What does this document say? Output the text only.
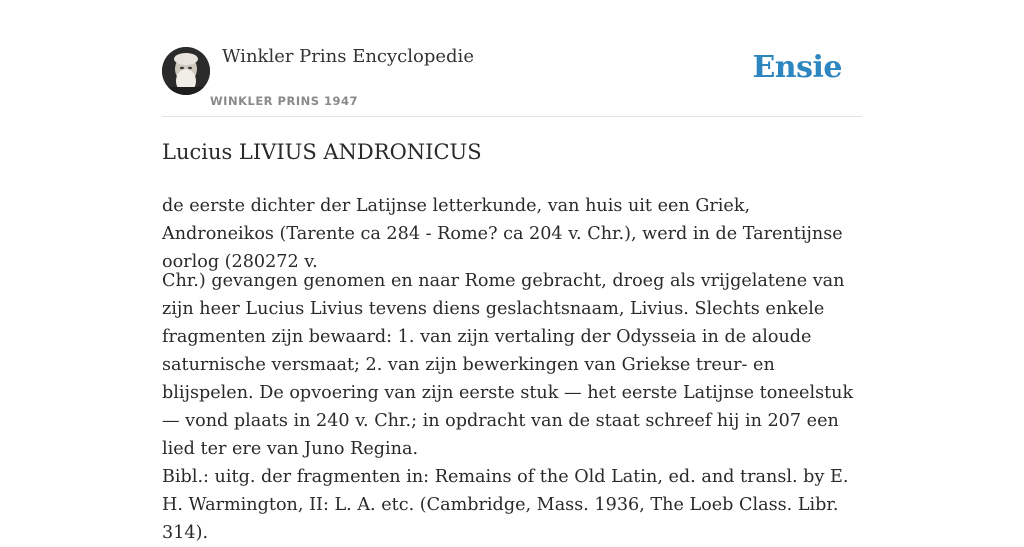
Winkler Prins Encyclopedie
WINKLER PRINS 1947
Ensie
Lucius LIVIUS ANDRONICUS

de eerste dichter der Latijnse letterkunde, van huis uit een Griek, Androneikos (Tarente ca 284 - Rome? ca 204 v. Chr.), werd in de Tarentijnse oorlog (280272 v.

Chr.) gevangen genomen en naar Rome gebracht, droeg als vrijgelatene van zijn heer Lucius Livius tevens diens geslachtsnaam, Livius. Slechts enkele fragmenten zijn bewaard: 1. van zijn vertaling der Odysseia in de aloude saturnische versmaat; 2. van zijn bewerkingen van Griekse treur- en blijspelen. De opvoering van zijn eerste stuk — het eerste Latijnse toneelstuk — vond plaats in 240 v. Chr.; in opdracht van de staat schreef hij in 207 een lied ter ere van Juno Regina.

Bibl.: uitg. der fragmenten in: Remains of the Old Latin, ed. and transl. by E. H. Warmington, II: L. A. etc. (Cambridge, Mass. 1936, The Loeb Class. Libr. 314).
